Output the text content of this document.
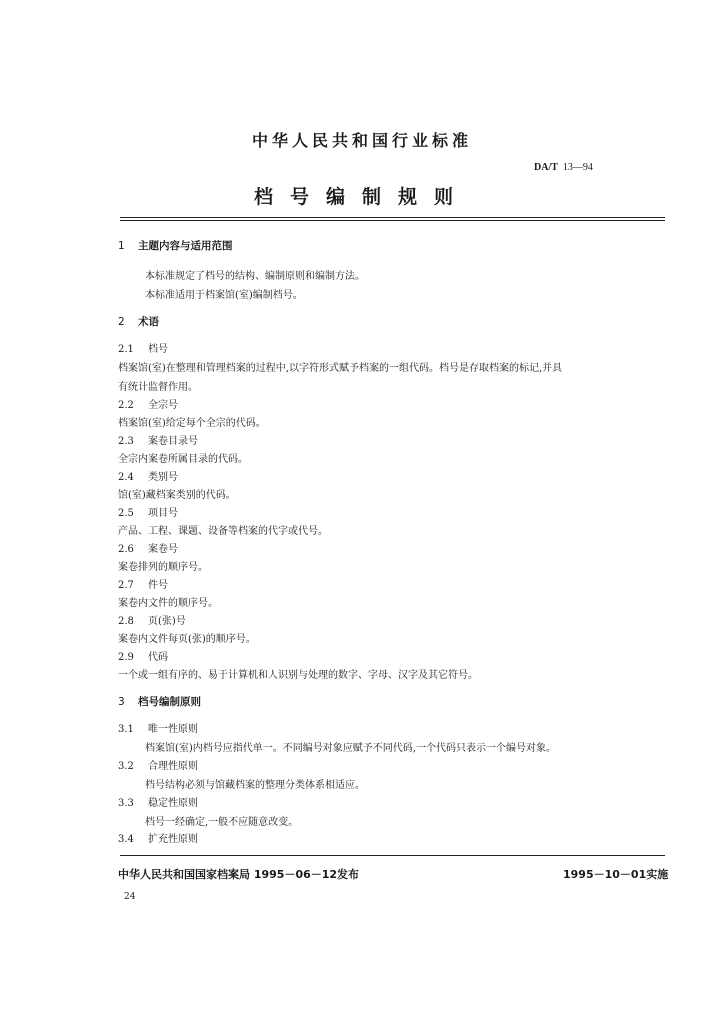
中华人民共和国行业标准
DA/T 13—94
档号编制规则
1 主题内容与适用范围
本标准规定了档号的结构、编制原则和编制方法。
本标准适用于档案馆(室)编制档号。
2 术语
2.1 档号
档案馆(室)在整理和管理档案的过程中,以字符形式赋予档案的一组代码。档号是存取档案的标记,并具
有统计监督作用。
2.2 全宗号
档案馆(室)给定每个全宗的代码。
2.3 案卷目录号
全宗内案卷所属目录的代码。
2.4 类别号
馆(室)藏档案类别的代码。
2.5 项目号
产品、工程、课题、设备等档案的代字或代号。
2.6 案卷号
案卷排列的顺序号。
2.7 件号
案卷内文件的顺序号。
2.8 页(张)号
案卷内文件每页(张)的顺序号。
2.9 代码
一个或一组有序的、易于计算机和人识别与处理的数字、字母、汉字及其它符号。
3 档号编制原则
3.1 唯一性原则
档案馆(室)内档号应指代单一。不同编号对象应赋予不同代码,一个代码只表示一个编号对象。
3.2 合理性原则
档号结构必须与馆藏档案的整理分类体系相适应。
3.3 稳定性原则
档号一经确定,一般不应随意改变。
3.4 扩充性原则
中华人民共和国国家档案局 1995－06－12发布	1995－10－01实施
24
